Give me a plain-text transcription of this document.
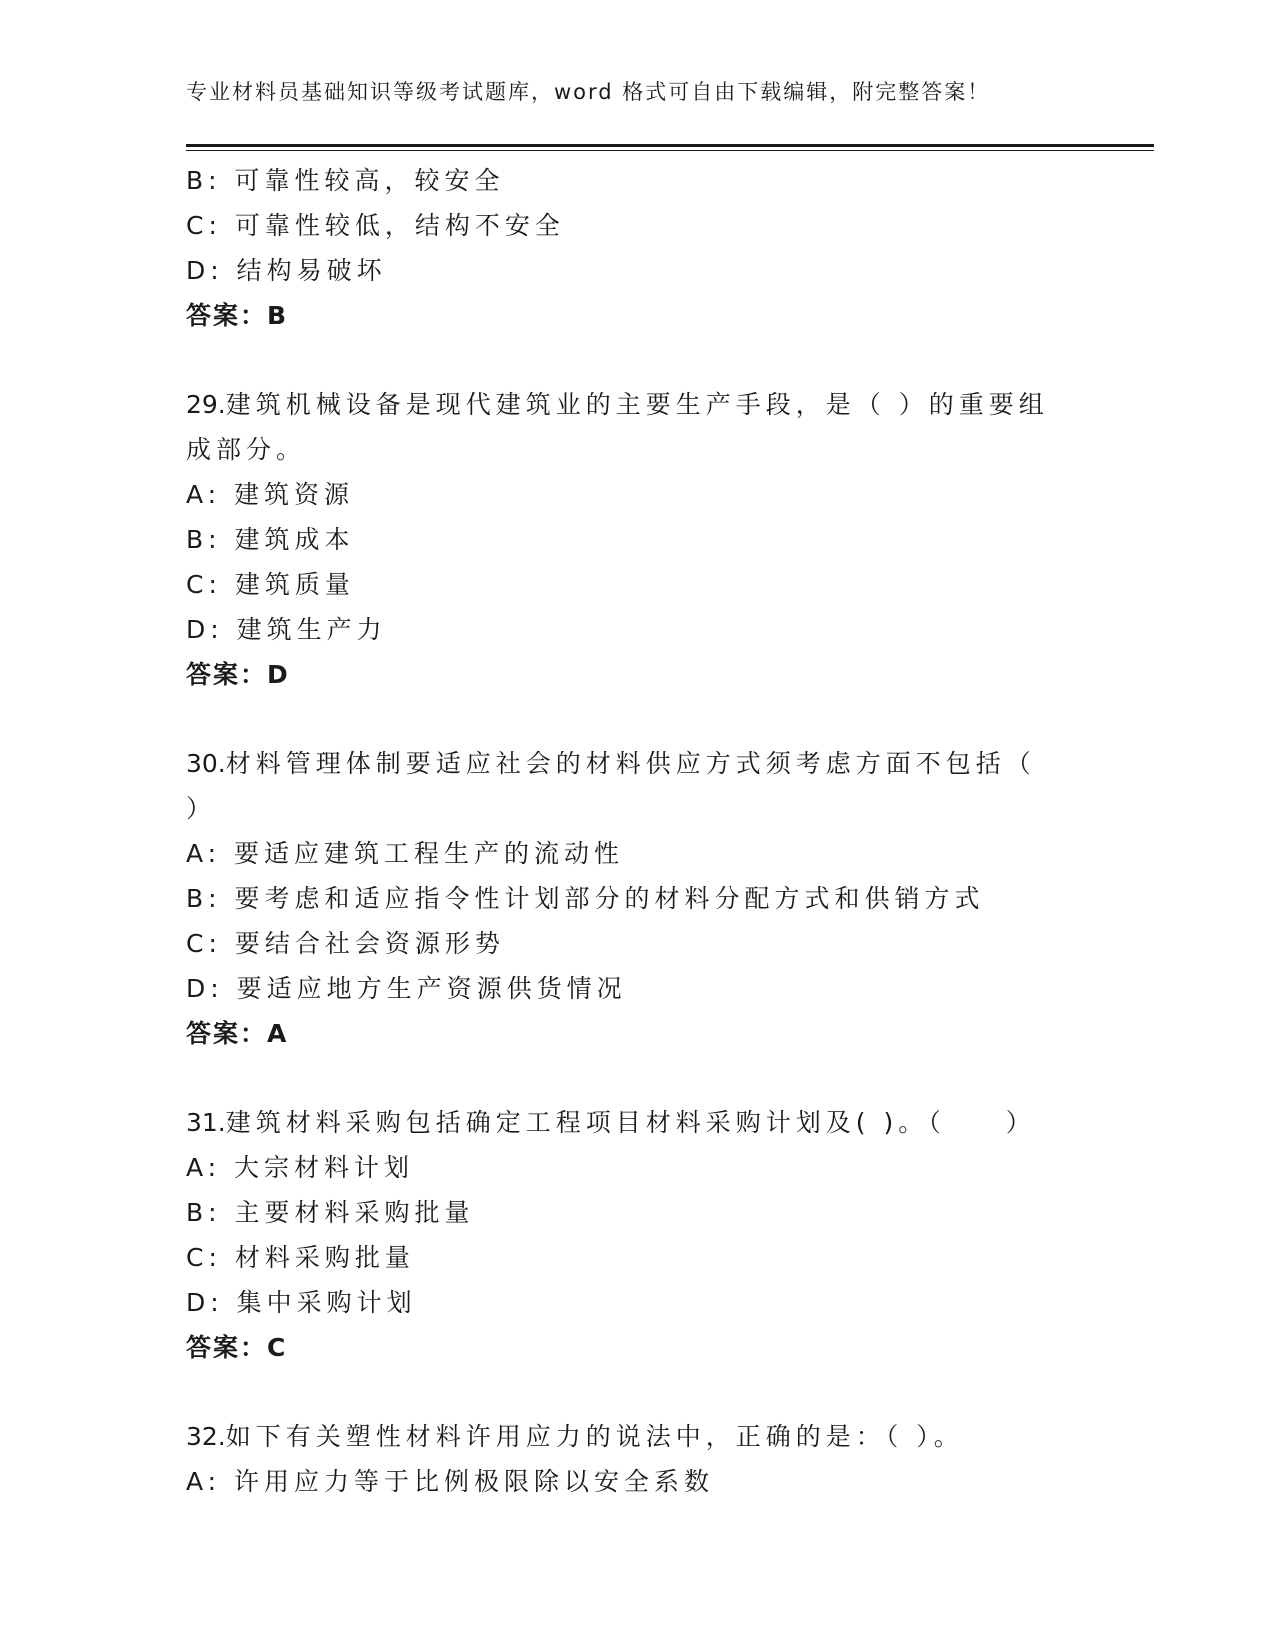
专业材料员基础知识等级考试题库，word 格式可自由下载编辑，附完整答案！
B: 可靠性较高，较安全
C: 可靠性较低，结构不安全
D: 结构易破坏
答案：B
29.建筑机械设备是现代建筑业的主要生产手段，是（ ）的重要组成部分。
A: 建筑资源
B: 建筑成本
C: 建筑质量
D: 建筑生产力
答案：D
30.材料管理体制要适应社会的材料供应方式须考虑方面不包括（ ）
A: 要适应建筑工程生产的流动性
B: 要考虑和适应指令性计划部分的材料分配方式和供销方式
C: 要结合社会资源形势
D: 要适应地方生产资源供货情况
答案：A
31.建筑材料采购包括确定工程项目材料采购计划及( )。（　　）
A: 大宗材料计划
B: 主要材料采购批量
C: 材料采购批量
D: 集中采购计划
答案：C
32.如下有关塑性材料许用应力的说法中，正确的是：（ ）。
A: 许用应力等于比例极限除以安全系数
